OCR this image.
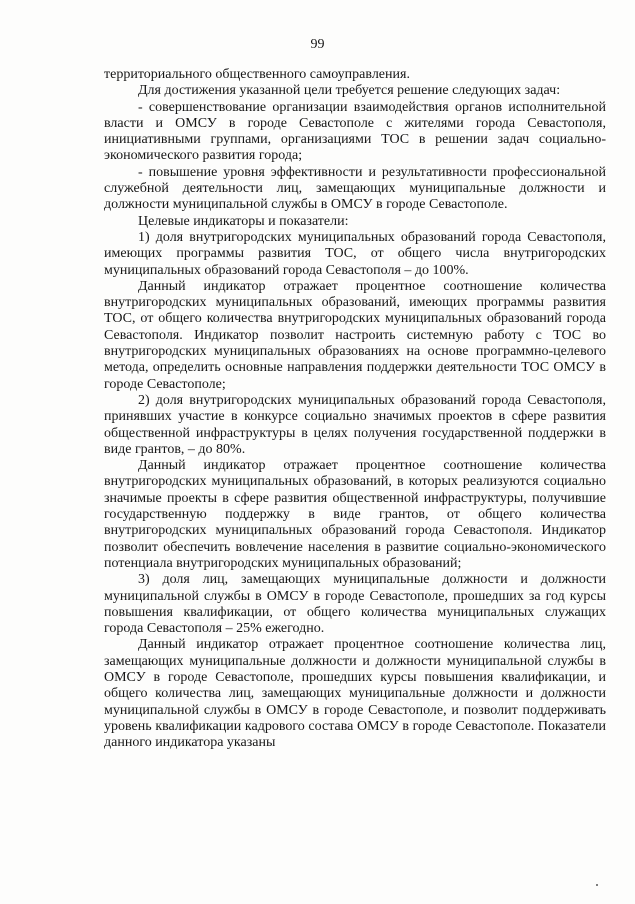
99

территориального общественного самоуправления.

Для достижения указанной цели требуется решение следующих задач:

- совершенствование организации взаимодействия органов исполнительной власти и ОМСУ в городе Севастополе с жителями города Севастополя, инициативными группами, организациями ТОС в решении задач социально-экономического развития города;

- повышение уровня эффективности и результативности профессиональной служебной деятельности лиц, замещающих муниципальные должности и должности муниципальной службы в ОМСУ в городе Севастополе.

Целевые индикаторы и показатели:

1) доля внутригородских муниципальных образований города Севастополя, имеющих программы развития ТОС, от общего числа внутригородских муниципальных образований города Севастополя – до 100%.

Данный индикатор отражает процентное соотношение количества внутригородских муниципальных образований, имеющих программы развития ТОС, от общего количества внутригородских муниципальных образований города Севастополя. Индикатор позволит настроить системную работу с ТОС во внутригородских муниципальных образованиях на основе программно-целевого метода, определить основные направления поддержки деятельности ТОС ОМСУ в городе Севастополе;

2) доля внутригородских муниципальных образований города Севастополя, принявших участие в конкурсе социально значимых проектов в сфере развития общественной инфраструктуры в целях получения государственной поддержки в виде грантов, – до 80%.

Данный индикатор отражает процентное соотношение количества внутригородских муниципальных образований, в которых реализуются социально значимые проекты в сфере развития общественной инфраструктуры, получившие государственную поддержку в виде грантов, от общего количества внутригородских муниципальных образований города Севастополя. Индикатор позволит обеспечить вовлечение населения в развитие социально-экономического потенциала внутригородских муниципальных образований;

3) доля лиц, замещающих муниципальные должности и должности муниципальной службы в ОМСУ в городе Севастополе, прошедших за год курсы повышения квалификации, от общего количества муниципальных служащих города Севастополя – 25% ежегодно.

Данный индикатор отражает процентное соотношение количества лиц, замещающих муниципальные должности и должности муниципальной службы в ОМСУ в городе Севастополе, прошедших курсы повышения квалификации, и общего количества лиц, замещающих муниципальные должности и должности муниципальной службы в ОМСУ в городе Севастополе, и позволит поддерживать уровень квалификации кадрового состава ОМСУ в городе Севастополе. Показатели данного индикатора указаны
